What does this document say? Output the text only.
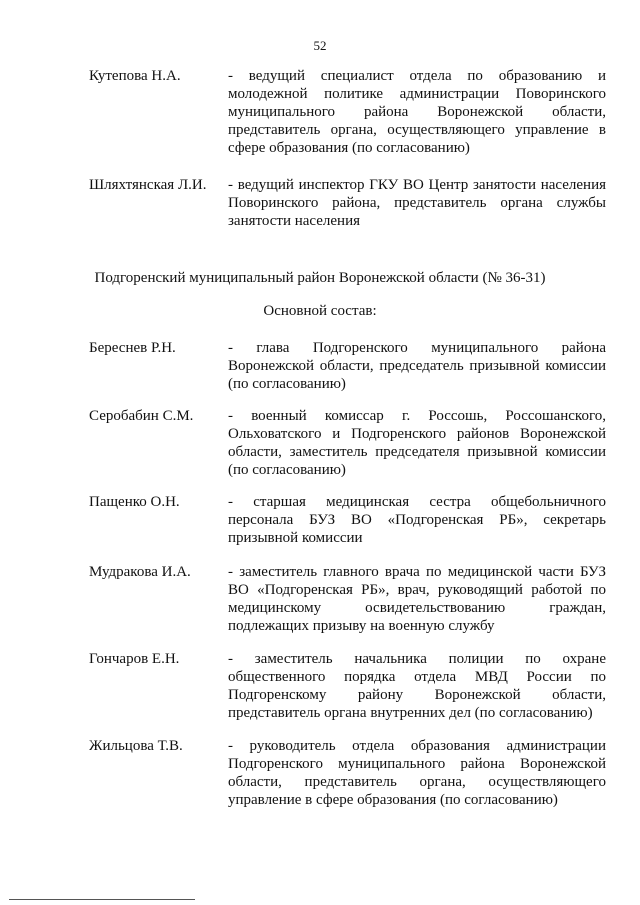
52
Кутепова Н.А.	- ведущий специалист отдела по образованию и молодежной политике администрации Поворинского муниципального района Воронежской области, представитель органа, осуществляющего управление в сфере образования (по согласованию)
Шляхтянская Л.И.	- ведущий инспектор ГКУ ВО Центр занятости населения Поворинского района, представитель органа службы занятости населения
Подгоренский муниципальный район Воронежской области (№ 36-31)
Основной состав:
Береснев Р.Н.	- глава Подгоренского муниципального района Воронежской области, председатель призывной комиссии (по согласованию)
Серобабин С.М.	- военный комиссар г. Россошь, Россошанского, Ольховатского и Подгоренского районов Воронежской области, заместитель председателя призывной комиссии (по согласованию)
Пащенко О.Н.	- старшая медицинская сестра общебольничного персонала БУЗ ВО «Подгоренская РБ», секретарь призывной комиссии
Мудракова И.А.	- заместитель главного врача по медицинской части БУЗ ВО «Подгоренская РБ», врач, руководящий работой по медицинскому освидетельствованию граждан, подлежащих призыву на военную службу
Гончаров Е.Н.	- заместитель начальника полиции по охране общественного порядка отдела МВД России по Подгоренскому району Воронежской области, представитель органа внутренних дел (по согласованию)
Жильцова Т.В.	- руководитель отдела образования администрации Подгоренского муниципального района Воронежской области, представитель органа, осуществляющего управление в сфере образования (по согласованию)
